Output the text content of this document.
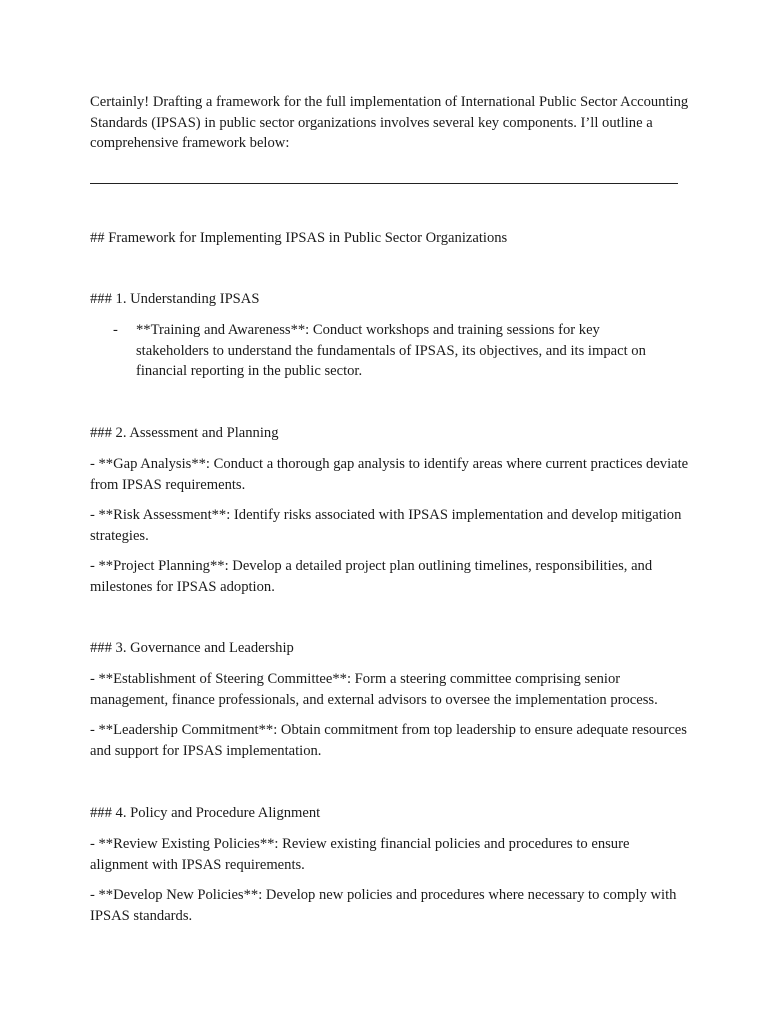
Certainly! Drafting a framework for the full implementation of International Public Sector Accounting Standards (IPSAS) in public sector organizations involves several key components. I’ll outline a comprehensive framework below:

## Framework for Implementing IPSAS in Public Sector Organizations

### 1. Understanding IPSAS

- **Training and Awareness**: Conduct workshops and training sessions for key stakeholders to understand the fundamentals of IPSAS, its objectives, and its impact on financial reporting in the public sector.

### 2. Assessment and Planning

- **Gap Analysis**: Conduct a thorough gap analysis to identify areas where current practices deviate from IPSAS requirements.

- **Risk Assessment**: Identify risks associated with IPSAS implementation and develop mitigation strategies.

- **Project Planning**: Develop a detailed project plan outlining timelines, responsibilities, and milestones for IPSAS adoption.

### 3. Governance and Leadership

- **Establishment of Steering Committee**: Form a steering committee comprising senior management, finance professionals, and external advisors to oversee the implementation process.

- **Leadership Commitment**: Obtain commitment from top leadership to ensure adequate resources and support for IPSAS implementation.

### 4. Policy and Procedure Alignment

- **Review Existing Policies**: Review existing financial policies and procedures to ensure alignment with IPSAS requirements.

- **Develop New Policies**: Develop new policies and procedures where necessary to comply with IPSAS standards.
